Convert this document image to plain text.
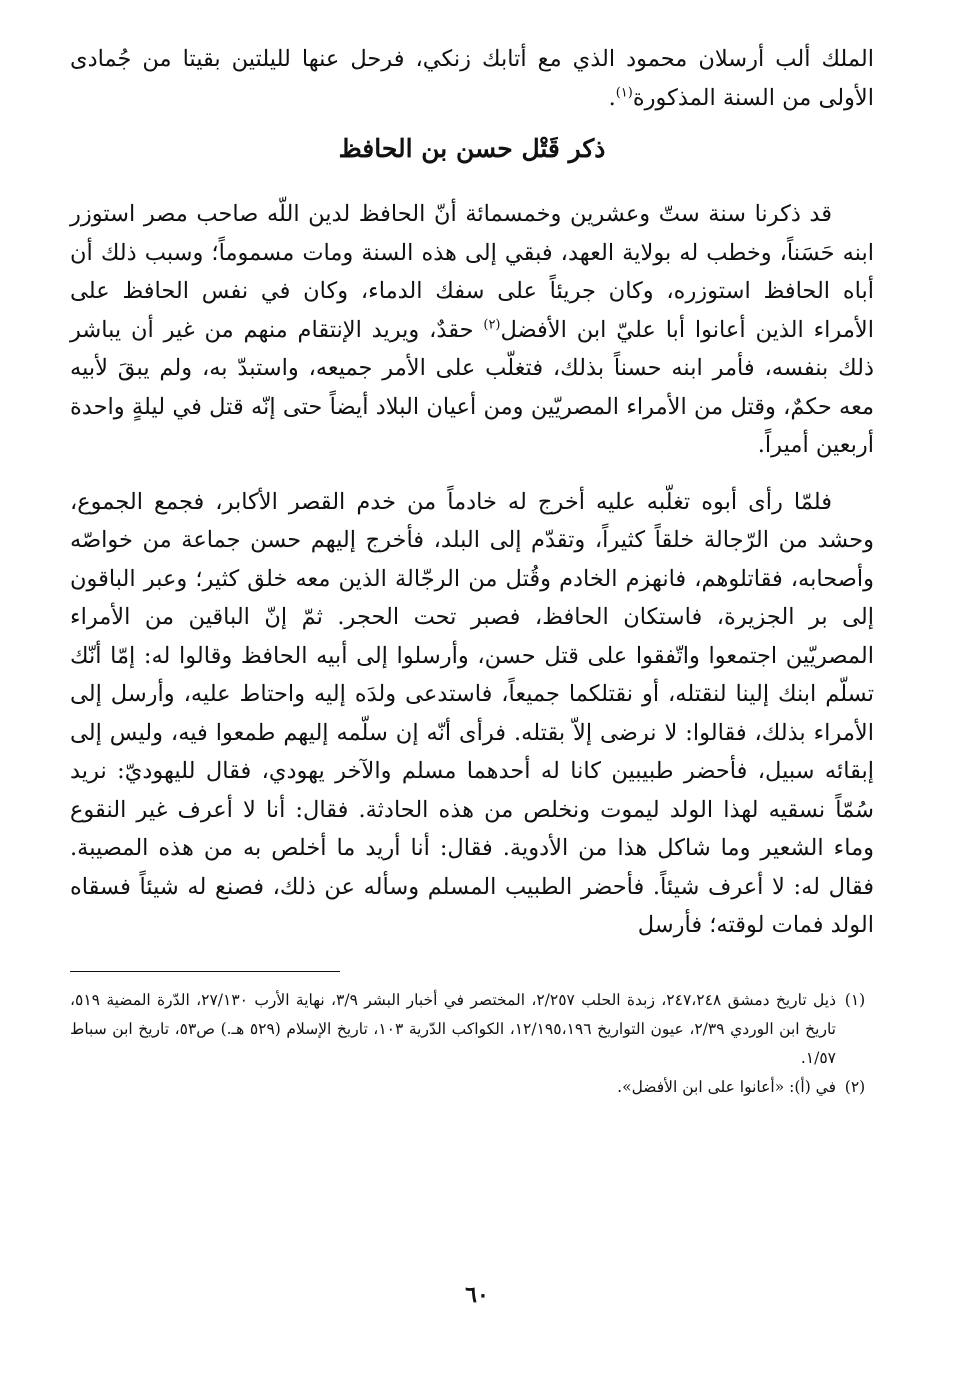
الملك ألب أرسلان محمود الذي مع أتابك زنكي، فرحل عنها لليلتين بقيتا من جُمادى الأولى من السنة المذكورة$^{(١)}$.

ذكر قَتْل حسن بن الحافظ

قد ذكرنا سنة ستّ وعشرين وخمسمائة أنّ الحافظ لدين اللّه صاحب مصر استوزر ابنه حَسَناً، وخطب له بولاية العهد، فبقي إلى هذه السنة ومات مسموماً؛ وسبب ذلك أن أباه الحافظ استوزره، وكان جريئاً على سفك الدماء، وكان في نفس الحافظ على الأمراء الذين أعانوا أبا عليّ ابن الأفضل$^{(٢)}$ حقدٌ، ويريد الإنتقام منهم من غير أن يباشر ذلك بنفسه، فأمر ابنه حسناً بذلك، فتغلّب على الأمر جميعه، واستبدّ به، ولم يبقَ لأبيه معه حكمٌ، وقتل من الأمراء المصريّين ومن أعيان البلاد أيضاً حتى إنّه قتل في ليلةٍ واحدة أربعين أميراً.

فلمّا رأى أبوه تغلّبه عليه أخرج له خادماً من خدم القصر الأكابر، فجمع الجموع، وحشد من الرّجالة خلقاً كثيراً، وتقدّم إلى البلد، فأخرج إليهم حسن جماعة من خواصّه وأصحابه، فقاتلوهم، فانهزم الخادم وقُتل من الرجّالة الذين معه خلق كثير؛ وعبر الباقون إلى بر الجزيرة، فاستكان الحافظ، فصبر تحت الحجر. ثمّ إنّ الباقين من الأمراء المصريّين اجتمعوا واتّفقوا على قتل حسن، وأرسلوا إلى أبيه الحافظ وقالوا له: إمّا أنّك تسلّم ابنك إلينا لنقتله، أو نقتلكما جميعاً، فاستدعى ولدَه إليه واحتاط عليه، وأرسل إلى الأمراء بذلك، فقالوا: لا نرضى إلاّ بقتله. فرأى أنّه إن سلّمه إليهم طمعوا فيه، وليس إلى إبقائه سبيل، فأحضر طبيبين كانا له أحدهما مسلم والآخر يهودي، فقال لليهوديّ: نريد سُمّاً نسقيه لهذا الولد ليموت ونخلص من هذه الحادثة. فقال: أنا لا أعرف غير النقوع وماء الشعير وما شاكل هذا من الأدوية. فقال: أنا أريد ما أخلص به من هذه المصيبة. فقال له: لا أعرف شيئاً. فأحضر الطبيب المسلم وسأله عن ذلك، فصنع له شيئاً فسقاه الولد فمات لوقته؛ فأرسل

(١)
ذيل تاريخ دمشق ٢٤٧،٢٤٨، زبدة الحلب ٢/٢٥٧، المختصر في أخبار البشر ٣/٩، نهاية الأرب ٢٧/١٣٠، الدّرة المضية ٥١٩، تاريخ ابن الوردي ٢/٣٩، عيون التواريخ ١٢/١٩٥،١٩٦، الكواكب الدّرية ١٠٣، تاريخ الإسلام (٥٢٩ هـ.) ص٥٣، تاريخ ابن سباط ١/٥٧.
(٢)
في (أ): «أعانوا على ابن الأفضل».
٦٠
